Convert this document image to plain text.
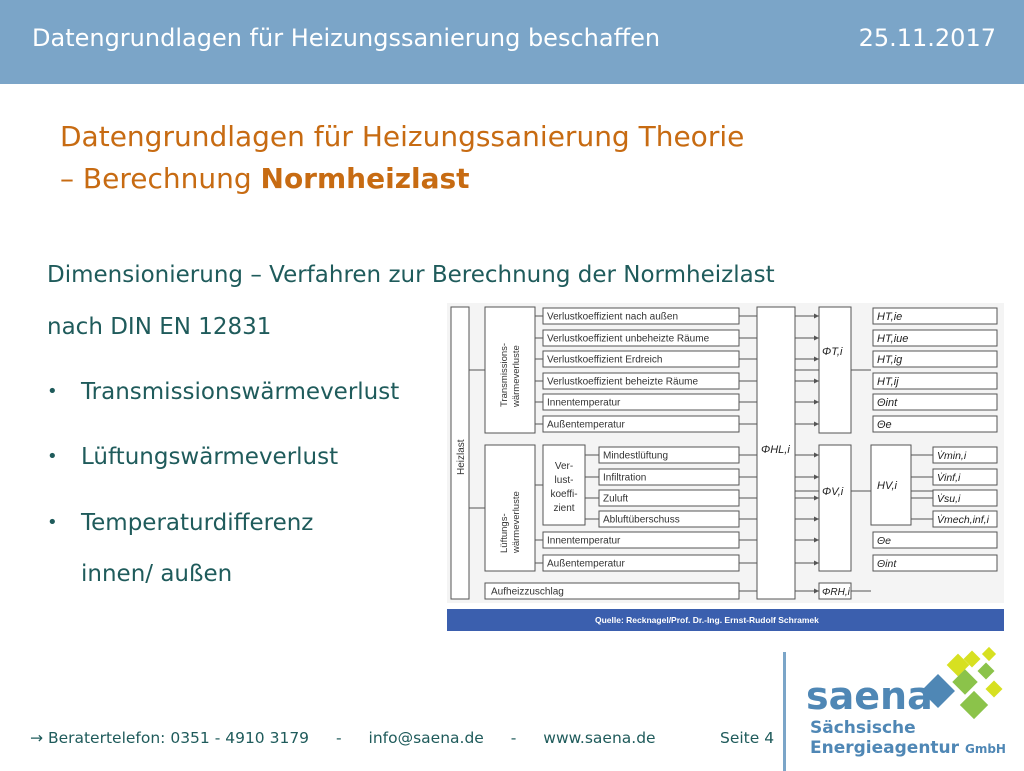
Datengrundlagen für Heizungssanierung beschaffen	25.11.2017
Datengrundlagen für Heizungssanierung Theorie
– Berechnung Normheizlast
Dimensionierung – Verfahren zur Berechnung der Normheizlast
nach DIN EN 12831
• Transmissionswärmeverlust
• Lüftungswärmeverlust
• Temperaturdifferenz
innen/ außen
Heizlast
Transmissions- wärmeverluste
Verlustkoeffizient nach außen
Verlustkoeffizient unbeheizte Räume
Verlustkoeffizient Erdreich
Verlustkoeffizient beheizte Räume
Innentemperatur
Außentemperatur
Lüftungs- wärmeverluste
Ver-
lust-
koeffi-
zient
Mindestlüftung
Infiltration
Zuluft
Abluftüberschuss
Innentemperatur
Außentemperatur
Aufheizzuschlag
ΦHL,i
ΦT,i
ΦV,i
ΦRH,i
HV,i
HT,ie
HT,iue
HT,ig
HT,ij
Θint
Θe
V̇min,i
V̇inf,i
V̇su,i
V̇mech,inf,i
Θe
Θint
Quelle: Recknagel/Prof. Dr.-Ing. Ernst-Rudolf Schramek
→ Beratertelefon: 0351 - 4910 3179 - info@saena.de - www.saena.de	Seite 4
saena
Sächsische
Energieagentur GmbH
